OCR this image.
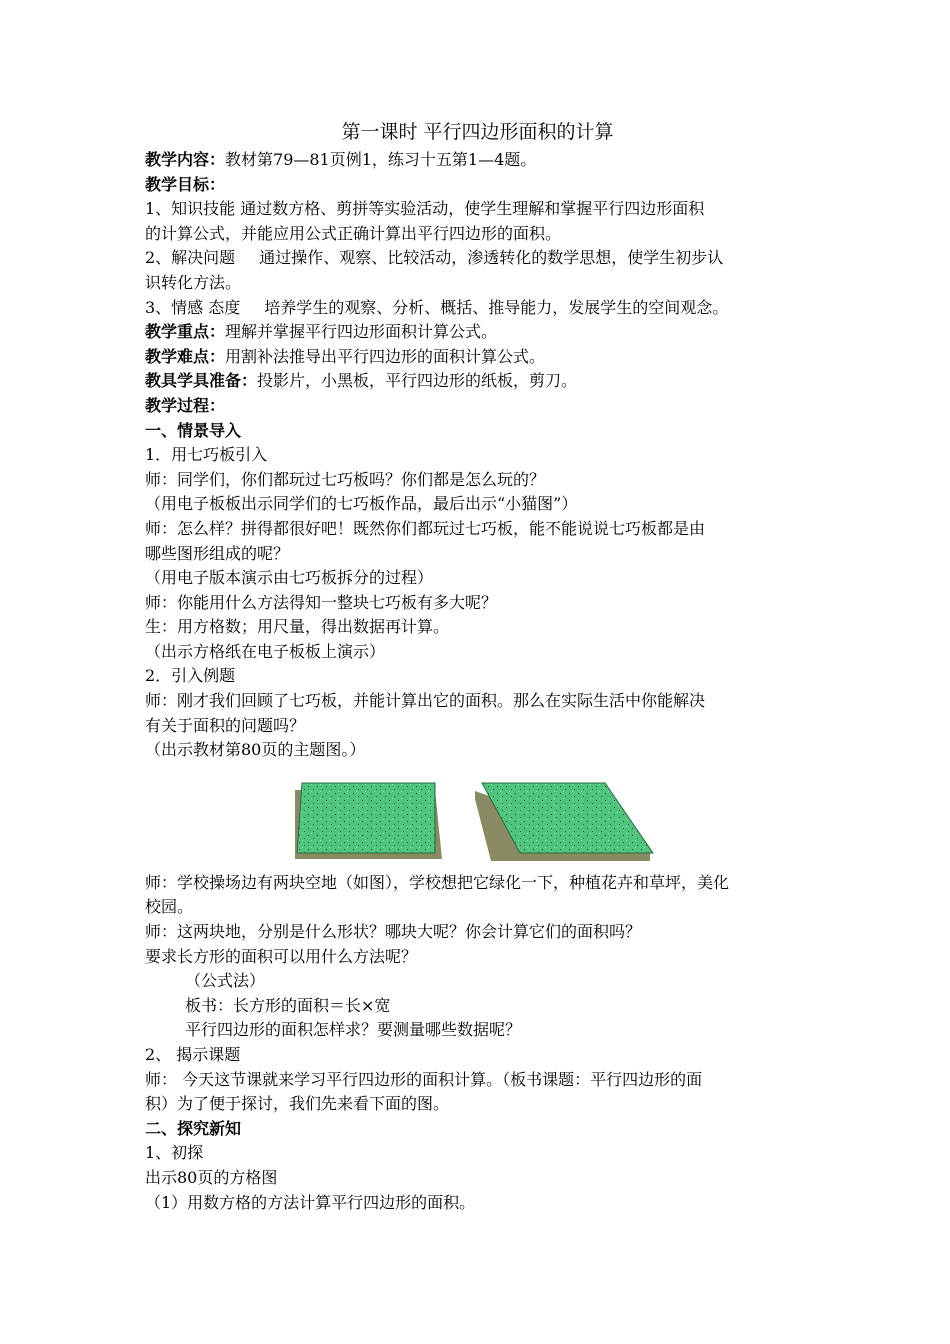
第一课时 平行四边形面积的计算

教学内容：教材第79—81页例1，练习十五第1—4题。

教学目标：

1、知识技能 通过数方格、剪拼等实验活动，使学生理解和掌握平行四边形面积

的计算公式，并能应用公式正确计算出平行四边形的面积。

2、解决问题 通过操作、观察、比较活动，渗透转化的数学思想，使学生初步认

识转化方法。

3、情感 态度 培养学生的观察、分析、概括、推导能力，发展学生的空间观念。

教学重点：理解并掌握平行四边形面积计算公式。

教学难点：用割补法推导出平行四边形的面积计算公式。

教具学具准备：投影片，小黑板，平行四边形的纸板，剪刀。

教学过程：

一、情景导入

1．用七巧板引入

师：同学们，你们都玩过七巧板吗？你们都是怎么玩的？

（用电子板板出示同学们的七巧板作品，最后出示“小猫图”）

师：怎么样？拼得都很好吧！既然你们都玩过七巧板，能不能说说七巧板都是由

哪些图形组成的呢？

（用电子版本演示由七巧板拆分的过程）

师：你能用什么方法得知一整块七巧板有多大呢？

生：用方格数；用尺量，得出数据再计算。

（出示方格纸在电子板板上演示）

2．引入例题

师：刚才我们回顾了七巧板，并能计算出它的面积。那么在实际生活中你能解决

有关于面积的问题吗？

（出示教材第80页的主题图。）

师：学校操场边有两块空地（如图），学校想把它绿化一下，种植花卉和草坪，美化

校园。

师：这两块地，分别是什么形状？哪块大呢？你会计算它们的面积吗？

要求长方形的面积可以用什么方法呢？

（公式法）

板书：长方形的面积＝长×宽

平行四边形的面积怎样求？要测量哪些数据呢？

2、 揭示课题

师： 今天这节课就来学习平行四边形的面积计算。（板书课题：平行四边形的面

积）为了便于探讨，我们先来看下面的图。

二、探究新知

1、初探

出示80页的方格图

（1）用数方格的方法计算平行四边形的面积。
